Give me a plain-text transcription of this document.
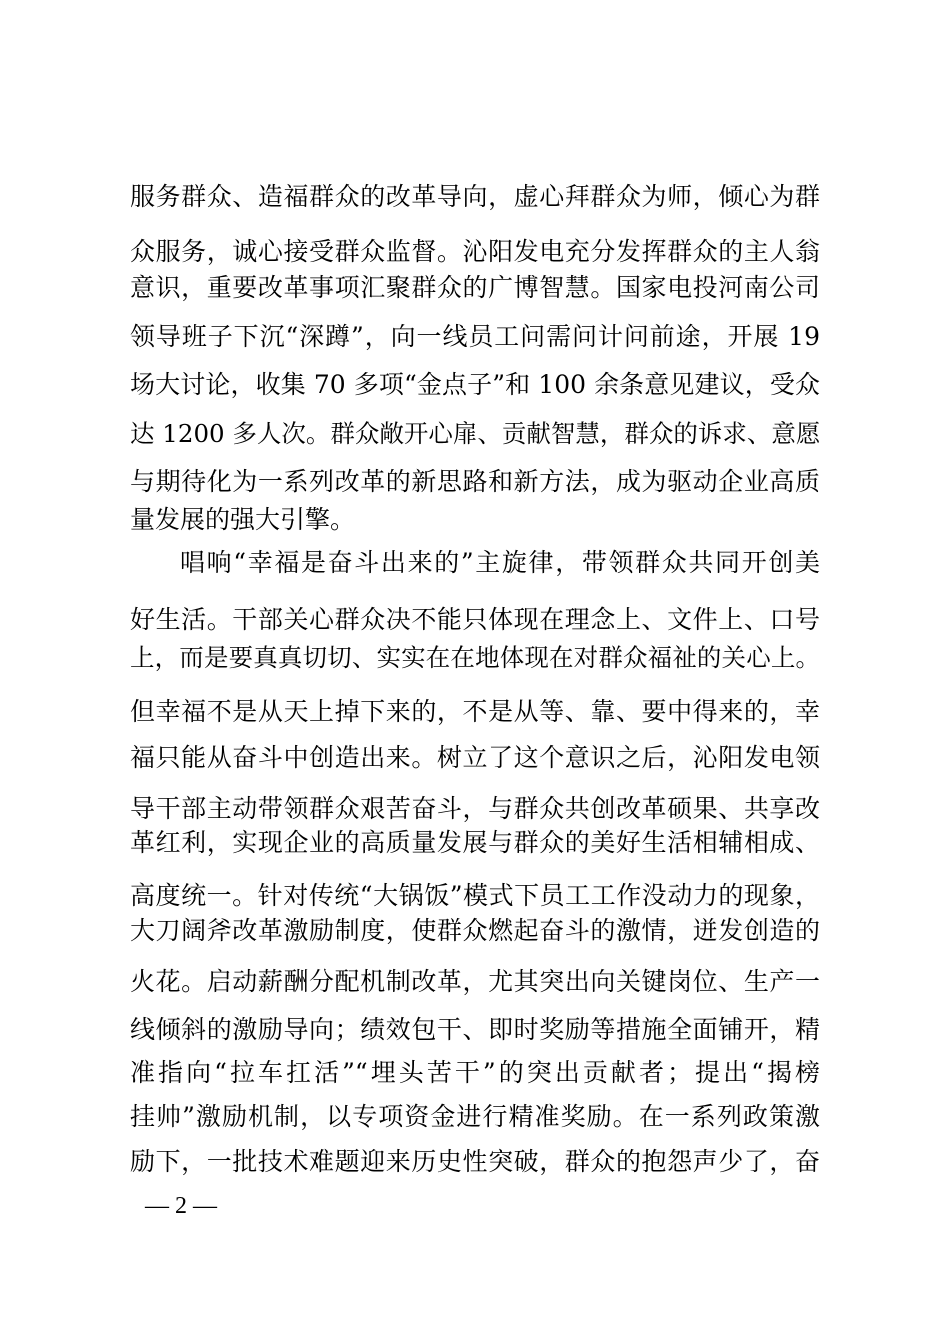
服务群众、造福群众的改革导向，虚心拜群众为师，倾心为群
众服务，诚心接受群众监督。沁阳发电充分发挥群众的主人翁
意识，重要改革事项汇聚群众的广博智慧。国家电投河南公司
领导班子下沉“深蹲”，向一线员工问需问计问前途，开展 19
场大讨论，收集 70 多项“金点子”和 100 余条意见建议，受众
达 1200 多人次。群众敞开心扉、贡献智慧，群众的诉求、意愿
与期待化为一系列改革的新思路和新方法，成为驱动企业高质
量发展的强大引擎。
唱响“幸福是奋斗出来的”主旋律，带领群众共同开创美
好生活。干部关心群众决不能只体现在理念上、文件上、口号
上，而是要真真切切、实实在在地体现在对群众福祉的关心上。
但幸福不是从天上掉下来的，不是从等、靠、要中得来的，幸
福只能从奋斗中创造出来。树立了这个意识之后，沁阳发电领
导干部主动带领群众艰苦奋斗，与群众共创改革硕果、共享改
革红利，实现企业的高质量发展与群众的美好生活相辅相成、
高度统一。针对传统“大锅饭”模式下员工工作没动力的现象，
大刀阔斧改革激励制度，使群众燃起奋斗的激情，迸发创造的
火花。启动薪酬分配机制改革，尤其突出向关键岗位、生产一
线倾斜的激励导向；绩效包干、即时奖励等措施全面铺开，精
准指向“拉车扛活”“埋头苦干”的突出贡献者；提出“揭榜
挂帅”激励机制，以专项资金进行精准奖励。在一系列政策激
励下，一批技术难题迎来历史性突破，群众的抱怨声少了，奋
— 2 —
